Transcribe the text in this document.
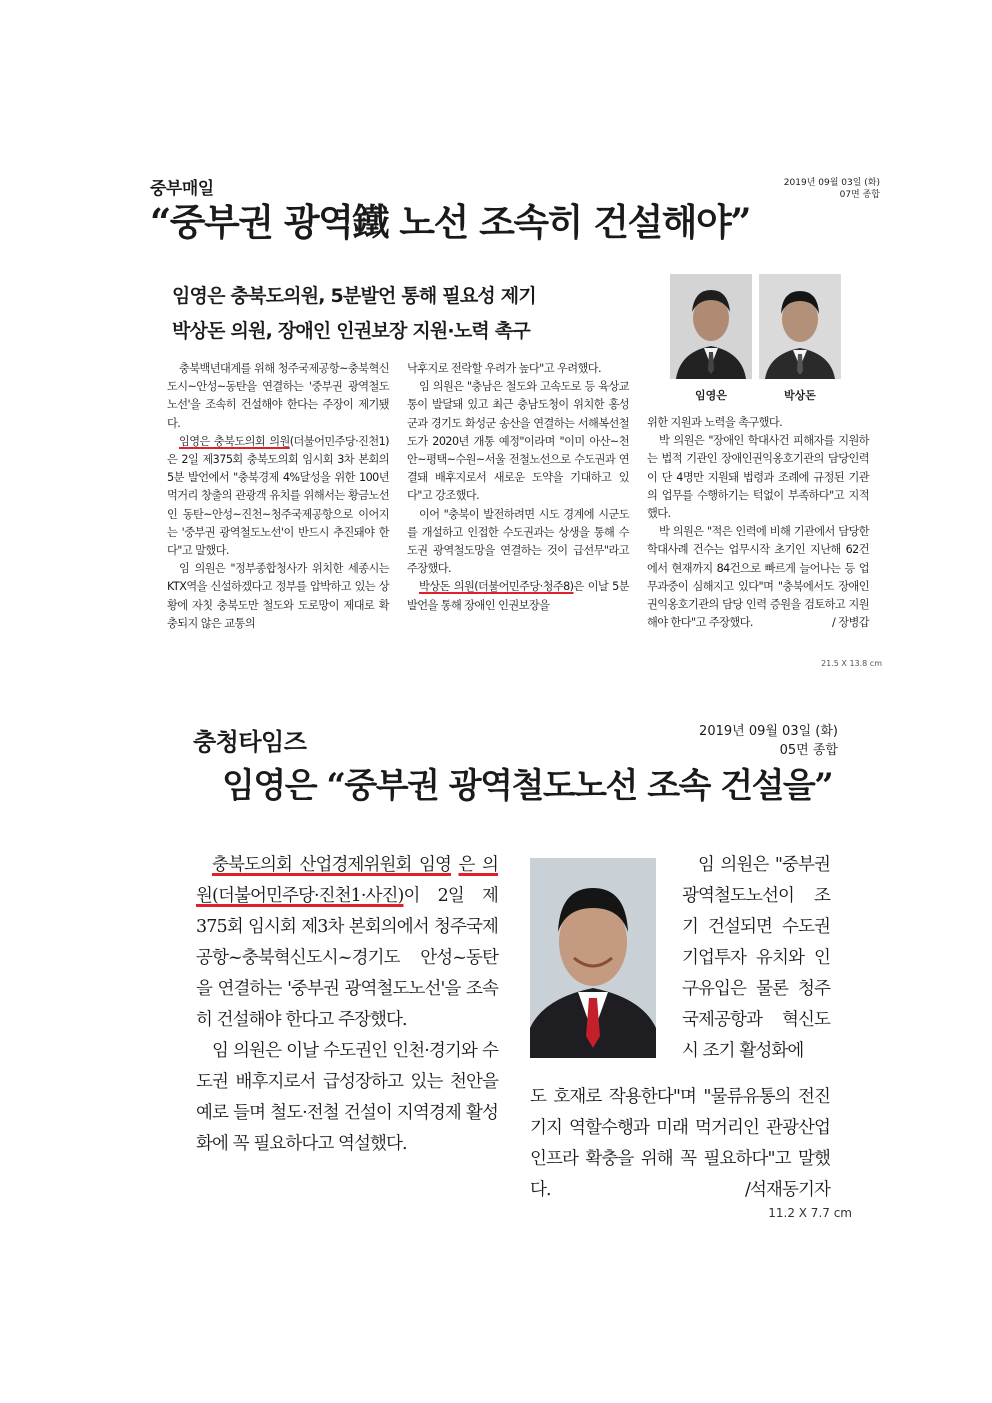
중부매일	2019년 09월 03일 (화)
07면 종합
“중부권 광역鐵 노선 조속히 건설해야”
임영은 충북도의원, 5분발언 통해 필요성 제기
박상돈 의원, 장애인 인권보장 지원·노력 촉구
임영은	박상돈

충북백년대계를 위해 청주국제공항~충북혁신도시~안성~동탄을 연결하는 '중부권 광역철도노선'을 조속히 건설해야 한다는 주장이 제기됐다.

임영은 충북도의회 의원(더불어민주당·진천1)은 2일 제375회 충북도의회 임시회 3차 본회의 5분 발언에서 "충북경제 4%달성을 위한 100년 먹거리 창출의 관광객 유치를 위해서는 황금노선인 동탄~안성~진천~청주국제공항으로 이어지는 '중부권 광역철도노선'이 반드시 추진돼야 한다"고 말했다.

임 의원은 "정부종합청사가 위치한 세종시는 KTX역을 신설하겠다고 정부를 압박하고 있는 상황에 자칫 충북도만 철도와 도로망이 제대로 확충되지 않은 교통의

낙후지로 전락할 우려가 높다"고 우려했다.

임 의원은 "충남은 철도와 고속도로 등 육상교통이 발달돼 있고 최근 충남도청이 위치한 홍성군과 경기도 화성군 송산을 연결하는 서해복선철도가 2020년 개통 예정"이라며 "이미 아산~천안~평택~수원~서울 전철노선으로 수도권과 연결돼 배후지로서 새로운 도약을 기대하고 있다"고 강조했다.

이어 "충북이 발전하려면 시도 경계에 시군도를 개설하고 인접한 수도권과는 상생을 통해 수도권 광역철도망을 연결하는 것이 급선무"라고 주장했다.

박상돈 의원(더불어민주당·청주8)은 이날 5분 발언을 통해 장애인 인권보장을

위한 지원과 노력을 촉구했다.

박 의원은 "장애인 학대사건 피해자를 지원하는 법적 기관인 장애인권익옹호기관의 담당인력이 단 4명만 지원돼 법령과 조례에 규정된 기관의 업무를 수행하기는 턱없이 부족하다"고 지적했다.

박 의원은 "적은 인력에 비해 기관에서 담당한 학대사례 건수는 업무시작 초기인 지난해 62건에서 현재까지 84건으로 빠르게 늘어나는 등 업무과중이 심해지고 있다"며 "충북에서도 장애인권익옹호기관의 담당 인력 증원을 검토하고 지원해야 한다"고 주장했다.	/ 장병갑

21.5 X 13.8 cm
충청타임즈	2019년 09월 03일 (화)
05면 종합
임영은 “중부권 광역철도노선 조속 건설을”

충북도의회 산업경제위원회 임영 은 의원(더불어민주당·진천1·사진)이 2일 제375회 임시회 제3차 본회의에서 청주국제공항~충북혁신도시~경기도 안성~동탄을 연결하는 '중부권 광역철도노선'을 조속히 건설해야 한다고 주장했다.

임 의원은 이날 수도권인 인천·경기와 수도권 배후지로서 급성장하고 있는 천안을 예로 들며 철도·전철 건설이 지역경제 활성화에 꼭 필요하다고 역설했다.

임 의원은 "중부권 광역철도노선이 조기 건설되면 수도권 기업투자 유치와 인구유입은 물론 청주국제공항과 혁신도시 조기 활성화에

도 호재로 작용한다"며 "물류유통의 전진기지 역할수행과 미래 먹거리인 관광산업 인프라 확충을 위해 꼭 필요하다"고 말했다.	/석재동기자

11.2 X 7.7 cm
